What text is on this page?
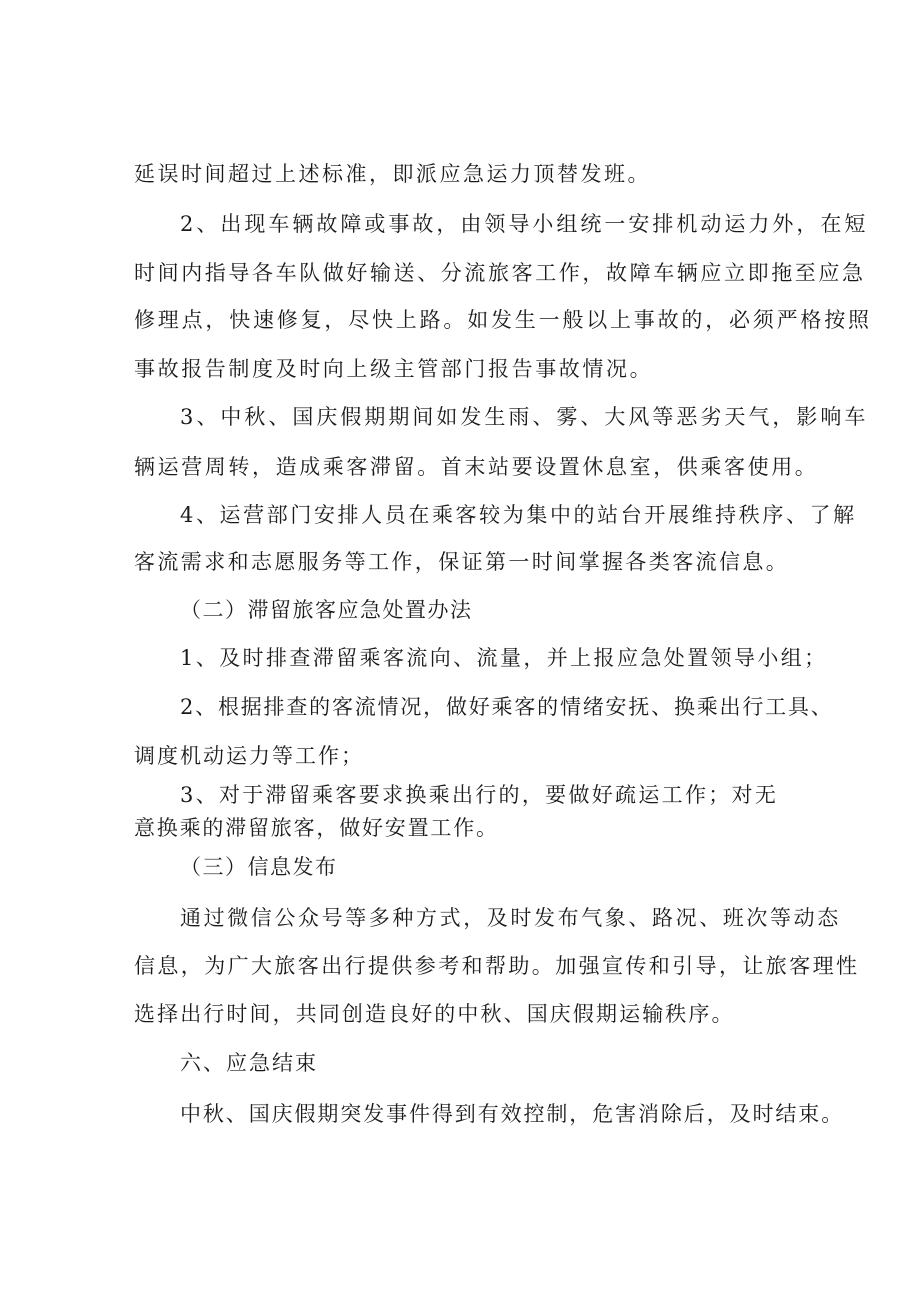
延误时间超过上述标准，即派应急运力顶替发班。
2、出现车辆故障或事故，由领导小组统一安排机动运力外，在短
时间内指导各车队做好输送、分流旅客工作，故障车辆应立即拖至应急
修理点，快速修复，尽快上路。如发生一般以上事故的，必须严格按照
事故报告制度及时向上级主管部门报告事故情况。
3、中秋、国庆假期期间如发生雨、雾、大风等恶劣天气，影响车
辆运营周转，造成乘客滞留。首末站要设置休息室，供乘客使用。
4、运营部门安排人员在乘客较为集中的站台开展维持秩序、了解
客流需求和志愿服务等工作，保证第一时间掌握各类客流信息。
（二）滞留旅客应急处置办法
1、及时排查滞留乘客流向、流量，并上报应急处置领导小组；
2、根据排查的客流情况，做好乘客的情绪安抚、换乘出行工具、
调度机动运力等工作；
3、对于滞留乘客要求换乘出行的，要做好疏运工作；对无
意换乘的滞留旅客，做好安置工作。
（三）信息发布
通过微信公众号等多种方式，及时发布气象、路况、班次等动态
信息，为广大旅客出行提供参考和帮助。加强宣传和引导，让旅客理性
选择出行时间，共同创造良好的中秋、国庆假期运输秩序。
六、应急结束
中秋、国庆假期突发事件得到有效控制，危害消除后，及时结束。
